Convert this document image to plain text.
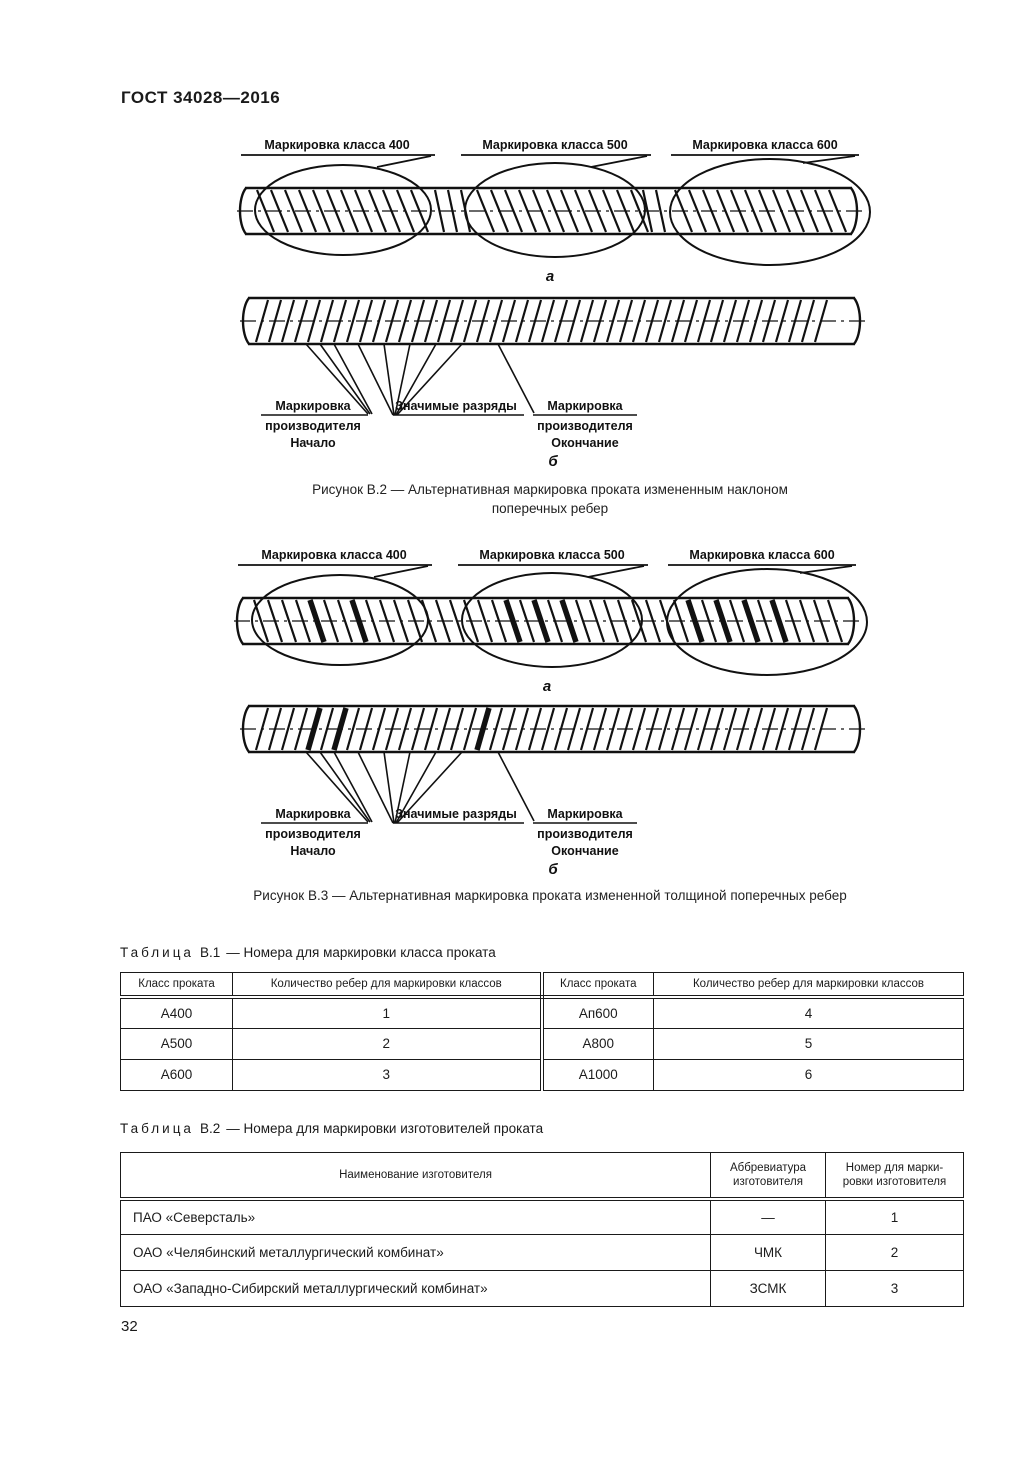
ГОСТ 34028—2016
Маркировка класса 400	Маркировка класса 500	Маркировка класса 600
а
Маркировка
производителя
Начало
Значимые разряды Маркировка
производителя
Окончание
б
Рисунок В.2 — Альтернативная маркировка проката измененным наклоном
поперечных ребер
Маркировка класса 400	Маркировка класса 500	Маркировка класса 600
а
Маркировка
производителя
Начало
Значимые разряды Маркировка
производителя
Окончание
б
Рисунок В.3 — Альтернативная маркировка проката измененной толщиной поперечных ребер
Таблица В.1 — Номера для маркировки класса проката
Класс проката	Количество ребер для маркировки классов	Класс проката	Количество ребер для маркировки классов
А400	1	Ап600	4
А500	2	А800	5
А600	3	А1000	6
Таблица В.2 — Номера для маркировки изготовителей проката
Наименование изготовителя	Аббревиатура изготовителя	Номер для марки-
ровки изготовителя

ПАО «Северсталь»	—	1
ОАО «Челябинский металлургический комбинат»	ЧМК	2
ОАО «Западно-Сибирский металлургический комбинат»	ЗСМК	3
32
